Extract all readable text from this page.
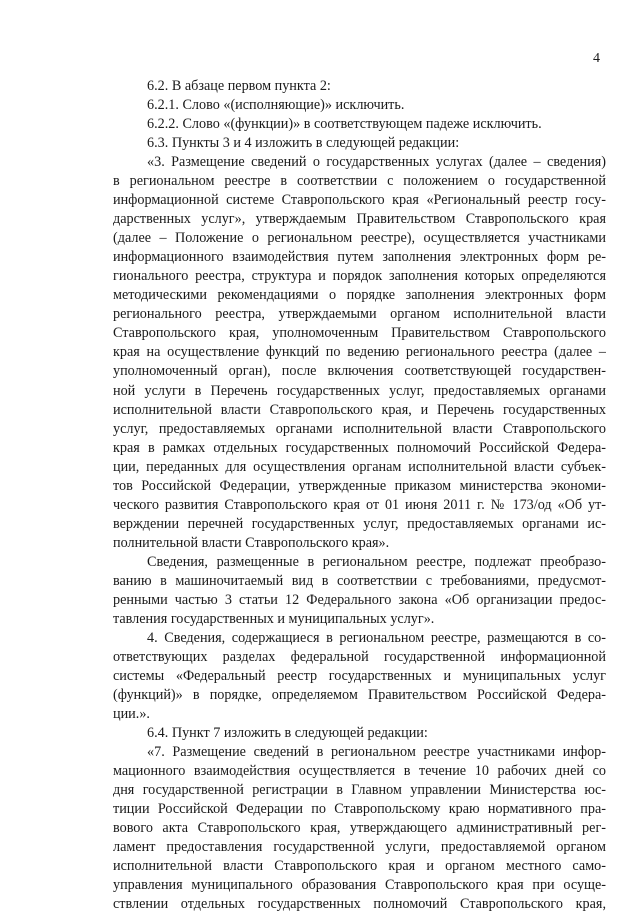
4
6.2. В абзаце первом пункта 2:
6.2.1. Слово «(исполняющие)» исключить.
6.2.2. Слово «(функции)» в соответствующем падеже исключить.
6.3. Пункты 3 и 4 изложить в следующей редакции:
«3. Размещение сведений о государственных услугах (далее – сведения)
в региональном реестре в соответствии с положением о государственной
информационной системе Ставропольского края «Региональный реестр госу-
дарственных услуг», утверждаемым Правительством Ставропольского края
(далее – Положение о региональном реестре), осуществляется участниками
информационного взаимодействия путем заполнения электронных форм ре-
гионального реестра, структура и порядок заполнения которых определяются
методическими рекомендациями о порядке заполнения электронных форм
регионального реестра, утверждаемыми органом исполнительной власти
Ставропольского края, уполномоченным Правительством Ставропольского
края на осуществление функций по ведению регионального реестра (далее –
уполномоченный орган), после включения соответствующей государствен-
ной услуги в Перечень государственных услуг, предоставляемых органами
исполнительной власти Ставропольского края, и Перечень государственных
услуг, предоставляемых органами исполнительной власти Ставропольского
края в рамках отдельных государственных полномочий Российской Федера-
ции, переданных для осуществления органам исполнительной власти субъек-
тов Российской Федерации, утвержденные приказом министерства экономи-
ческого развития Ставропольского края от 01 июня 2011 г. № 173/од «Об ут-
верждении перечней государственных услуг, предоставляемых органами ис-
полнительной власти Ставропольского края».
Сведения, размещенные в региональном реестре, подлежат преобразо-
ванию в машиночитаемый вид в соответствии с требованиями, предусмот-
ренными частью 3 статьи 12 Федерального закона «Об организации предос-
тавления государственных и муниципальных услуг».
4. Сведения, содержащиеся в региональном реестре, размещаются в со-
ответствующих разделах федеральной государственной информационной
системы «Федеральный реестр государственных и муниципальных услуг
(функций)» в порядке, определяемом Правительством Российской Федера-
ции.».
6.4. Пункт 7 изложить в следующей редакции:
«7. Размещение сведений в региональном реестре участниками инфор-
мационного взаимодействия осуществляется в течение 10 рабочих дней со
дня государственной регистрации в Главном управлении Министерства юс-
тиции Российской Федерации по Ставропольскому краю нормативного пра-
вового акта Ставропольского края, утверждающего административный рег-
ламент предоставления государственной услуги, предоставляемой органом
исполнительной власти Ставропольского края и органом местного само-
управления муниципального образования Ставропольского края при осуще-
ствлении отдельных государственных полномочий Ставропольского края,
